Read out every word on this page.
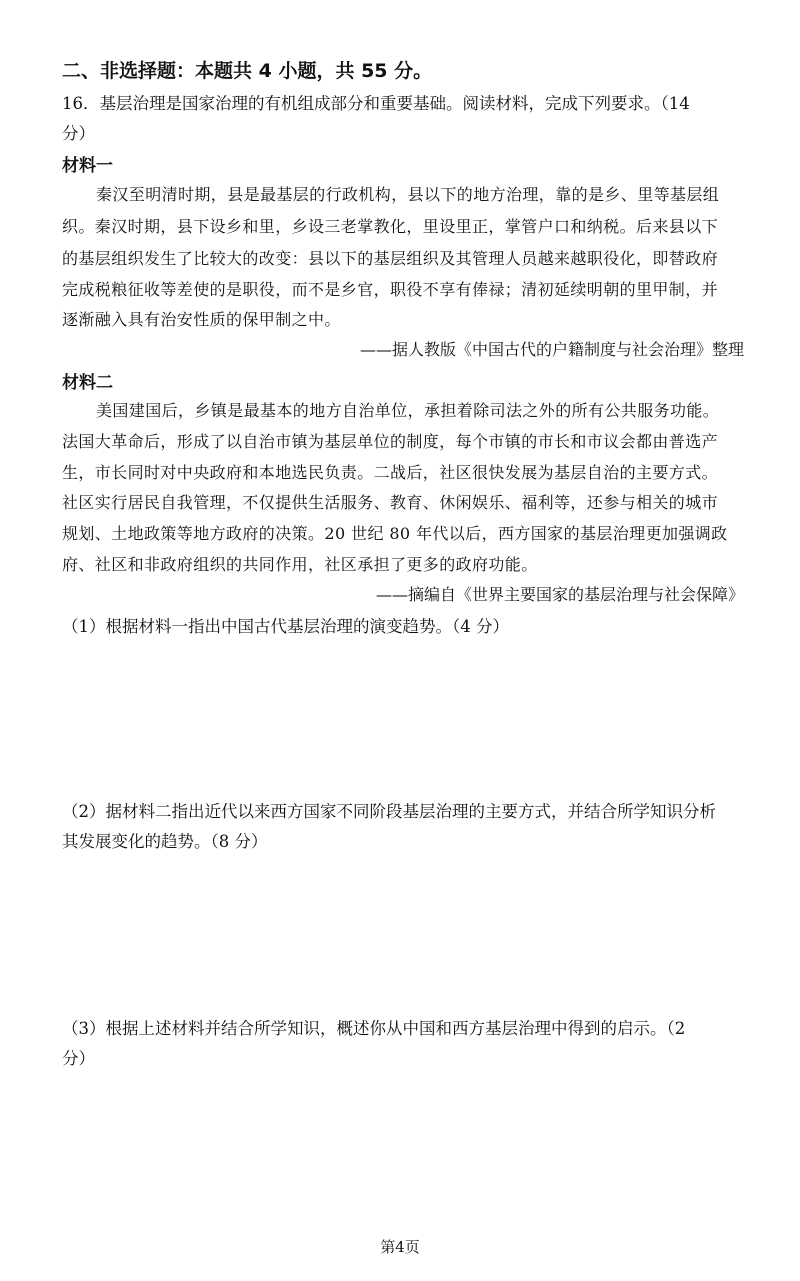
二、非选择题：本题共 4 小题，共 55 分。
16．基层治理是国家治理的有机组成部分和重要基础。阅读材料，完成下列要求。（14
分）
材料一
秦汉至明清时期，县是最基层的行政机构，县以下的地方治理，靠的是乡、里等基层组
织。秦汉时期，县下设乡和里，乡设三老掌教化，里设里正，掌管户口和纳税。后来县以下
的基层组织发生了比较大的改变：县以下的基层组织及其管理人员越来越职役化，即替政府
完成税粮征收等差使的是职役，而不是乡官，职役不享有俸禄；清初延续明朝的里甲制，并
逐渐融入具有治安性质的保甲制之中。
——据人教版《中国古代的户籍制度与社会治理》整理
材料二
美国建国后，乡镇是最基本的地方自治单位，承担着除司法之外的所有公共服务功能。
法国大革命后，形成了以自治市镇为基层单位的制度，每个市镇的市长和市议会都由普选产
生，市长同时对中央政府和本地选民负责。二战后，社区很快发展为基层自治的主要方式。
社区实行居民自我管理，不仅提供生活服务、教育、休闲娱乐、福利等，还参与相关的城市
规划、土地政策等地方政府的决策。20 世纪 80 年代以后，西方国家的基层治理更加强调政
府、社区和非政府组织的共同作用，社区承担了更多的政府功能。
——摘编自《世界主要国家的基层治理与社会保障》
（1）根据材料一指出中国古代基层治理的演变趋势。（4 分）
（2）据材料二指出近代以来西方国家不同阶段基层治理的主要方式，并结合所学知识分析
其发展变化的趋势。（8 分）
（3）根据上述材料并结合所学知识，概述你从中国和西方基层治理中得到的启示。（2
分）
第4页
